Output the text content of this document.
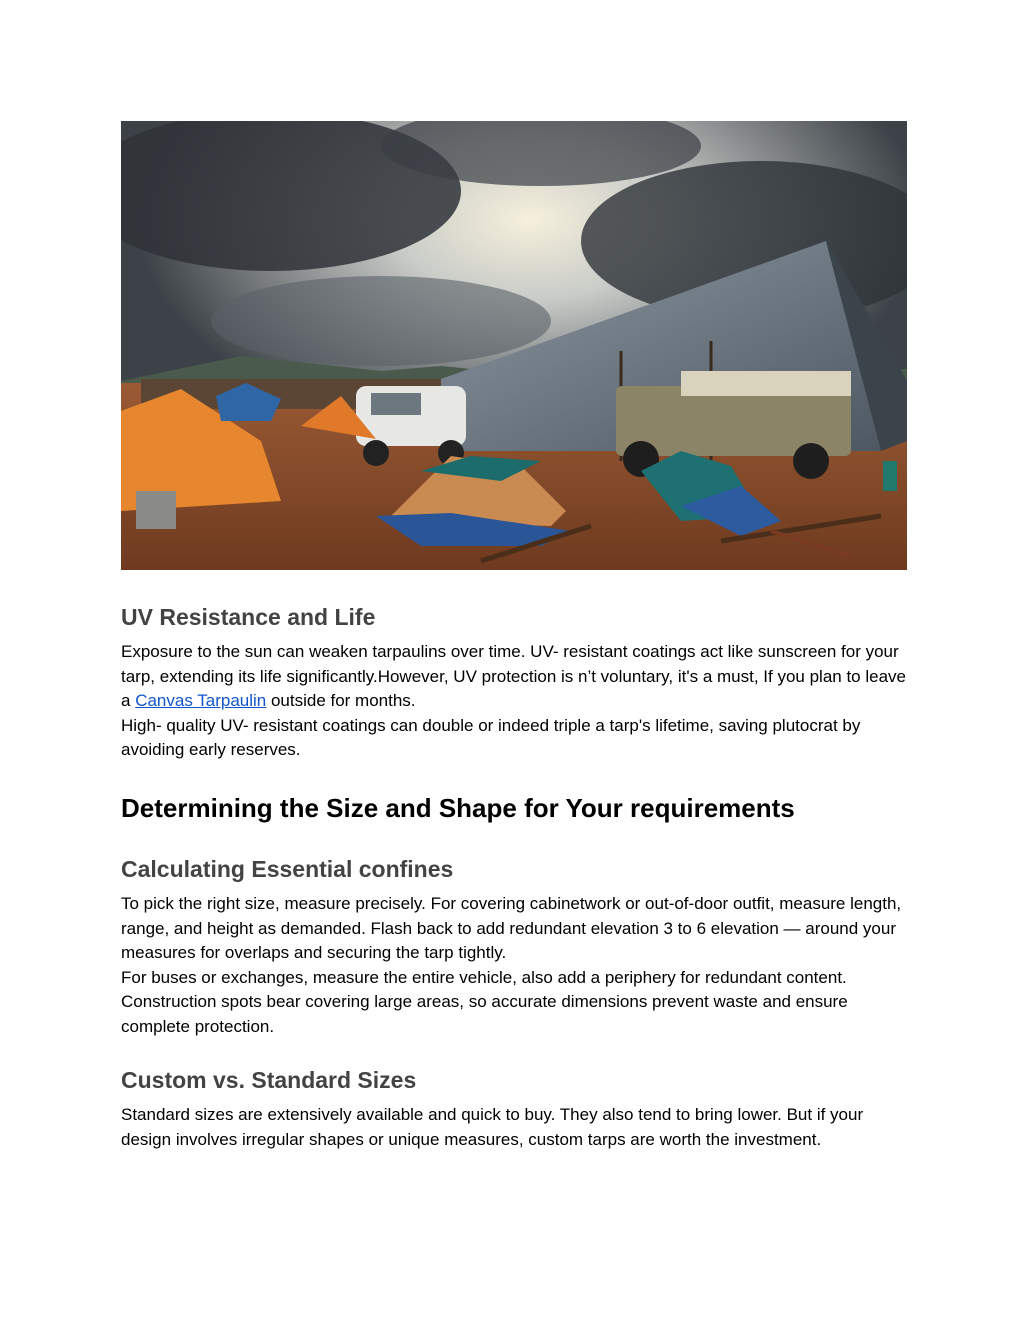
UV Resistance and Life

Exposure to the sun can weaken tarpaulins over time. UV- resistant coatings act like sunscreen for your tarp, extending its life significantly.However, UV protection is n’t voluntary, it's a must, If you plan to leave a Canvas Tarpaulin outside for months.
High- quality UV- resistant coatings can double or indeed triple a tarp's lifetime, saving plutocrat by avoiding early reserves.

Determining the Size and Shape for Your requirements
Calculating Essential confines

To pick the right size, measure precisely. For covering cabinetwork or out-of-door outfit, measure length, range, and height as demanded. Flash back to add redundant elevation 3 to 6 elevation — around your measures for overlaps and securing the tarp tightly.
For buses or exchanges, measure the entire vehicle, also add a periphery for redundant content. Construction spots bear covering large areas, so accurate dimensions prevent waste and ensure complete protection.

Custom vs. Standard Sizes

Standard sizes are extensively available and quick to buy. They also tend to bring lower. But if your design involves irregular shapes or unique measures, custom tarps are worth the investment.
